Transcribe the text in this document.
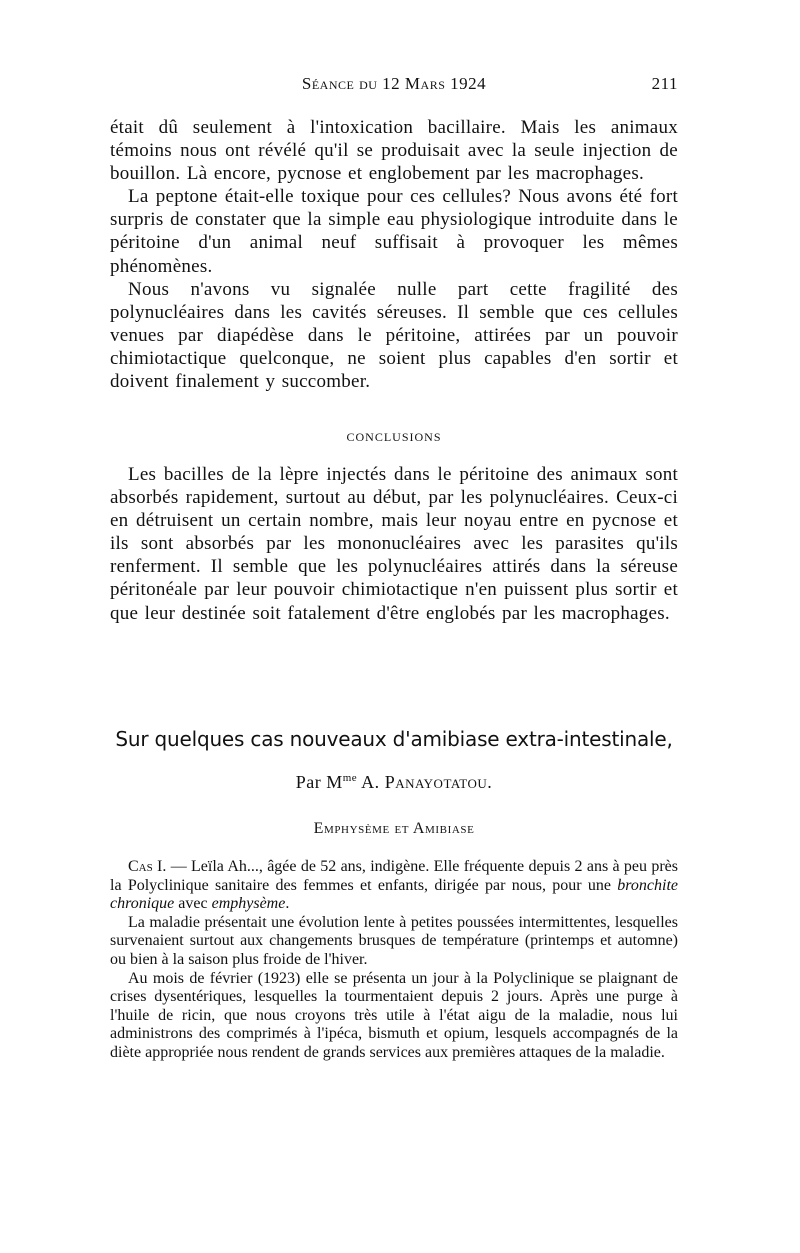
Séance du 12 Mars 1924	211

était dû seulement à l'intoxication bacillaire. Mais les animaux témoins nous ont révélé qu'il se produisait avec la seule injection de bouillon. Là encore, pycnose et englobement par les macrophages.

La peptone était-elle toxique pour ces cellules? Nous avons été fort surpris de constater que la simple eau physiologique introduite dans le péritoine d'un animal neuf suffisait à provoquer les mêmes phénomènes.

Nous n'avons vu signalée nulle part cette fragilité des polynucléaires dans les cavités séreuses. Il semble que ces cellules venues par diapédèse dans le péritoine, attirées par un pouvoir chimiotactique quelconque, ne soient plus capables d'en sortir et doivent finalement y succomber.

CONCLUSIONS

Les bacilles de la lèpre injectés dans le péritoine des animaux sont absorbés rapidement, surtout au début, par les polynucléaires. Ceux-ci en détruisent un certain nombre, mais leur noyau entre en pycnose et ils sont absorbés par les mononucléaires avec les parasites qu'ils renferment. Il semble que les polynucléaires attirés dans la séreuse péritonéale par leur pouvoir chimiotactique n'en puissent plus sortir et que leur destinée soit fatalement d'être englobés par les macrophages.

Sur quelques cas nouveaux d'amibiase extra-intestinale,
Par $M^{me}$ A. Panayotatou.
Emphysème et Amibiase

Cas I. — Leïla Ah..., âgée de 52 ans, indigène. Elle fréquente depuis 2 ans à peu près la Polyclinique sanitaire des femmes et enfants, dirigée par nous, pour une bronchite chronique avec emphysème.

La maladie présentait une évolution lente à petites poussées intermittentes, lesquelles survenaient surtout aux changements brusques de température (printemps et automne) ou bien à la saison plus froide de l'hiver.

Au mois de février (1923) elle se présenta un jour à la Polyclinique se plaignant de crises dysentériques, lesquelles la tourmentaient depuis 2 jours. Après une purge à l'huile de ricin, que nous croyons très utile à l'état aigu de la maladie, nous lui administrons des comprimés à l'ipéca, bismuth et opium, lesquels accompagnés de la diète appropriée nous rendent de grands services aux premières attaques de la maladie.
